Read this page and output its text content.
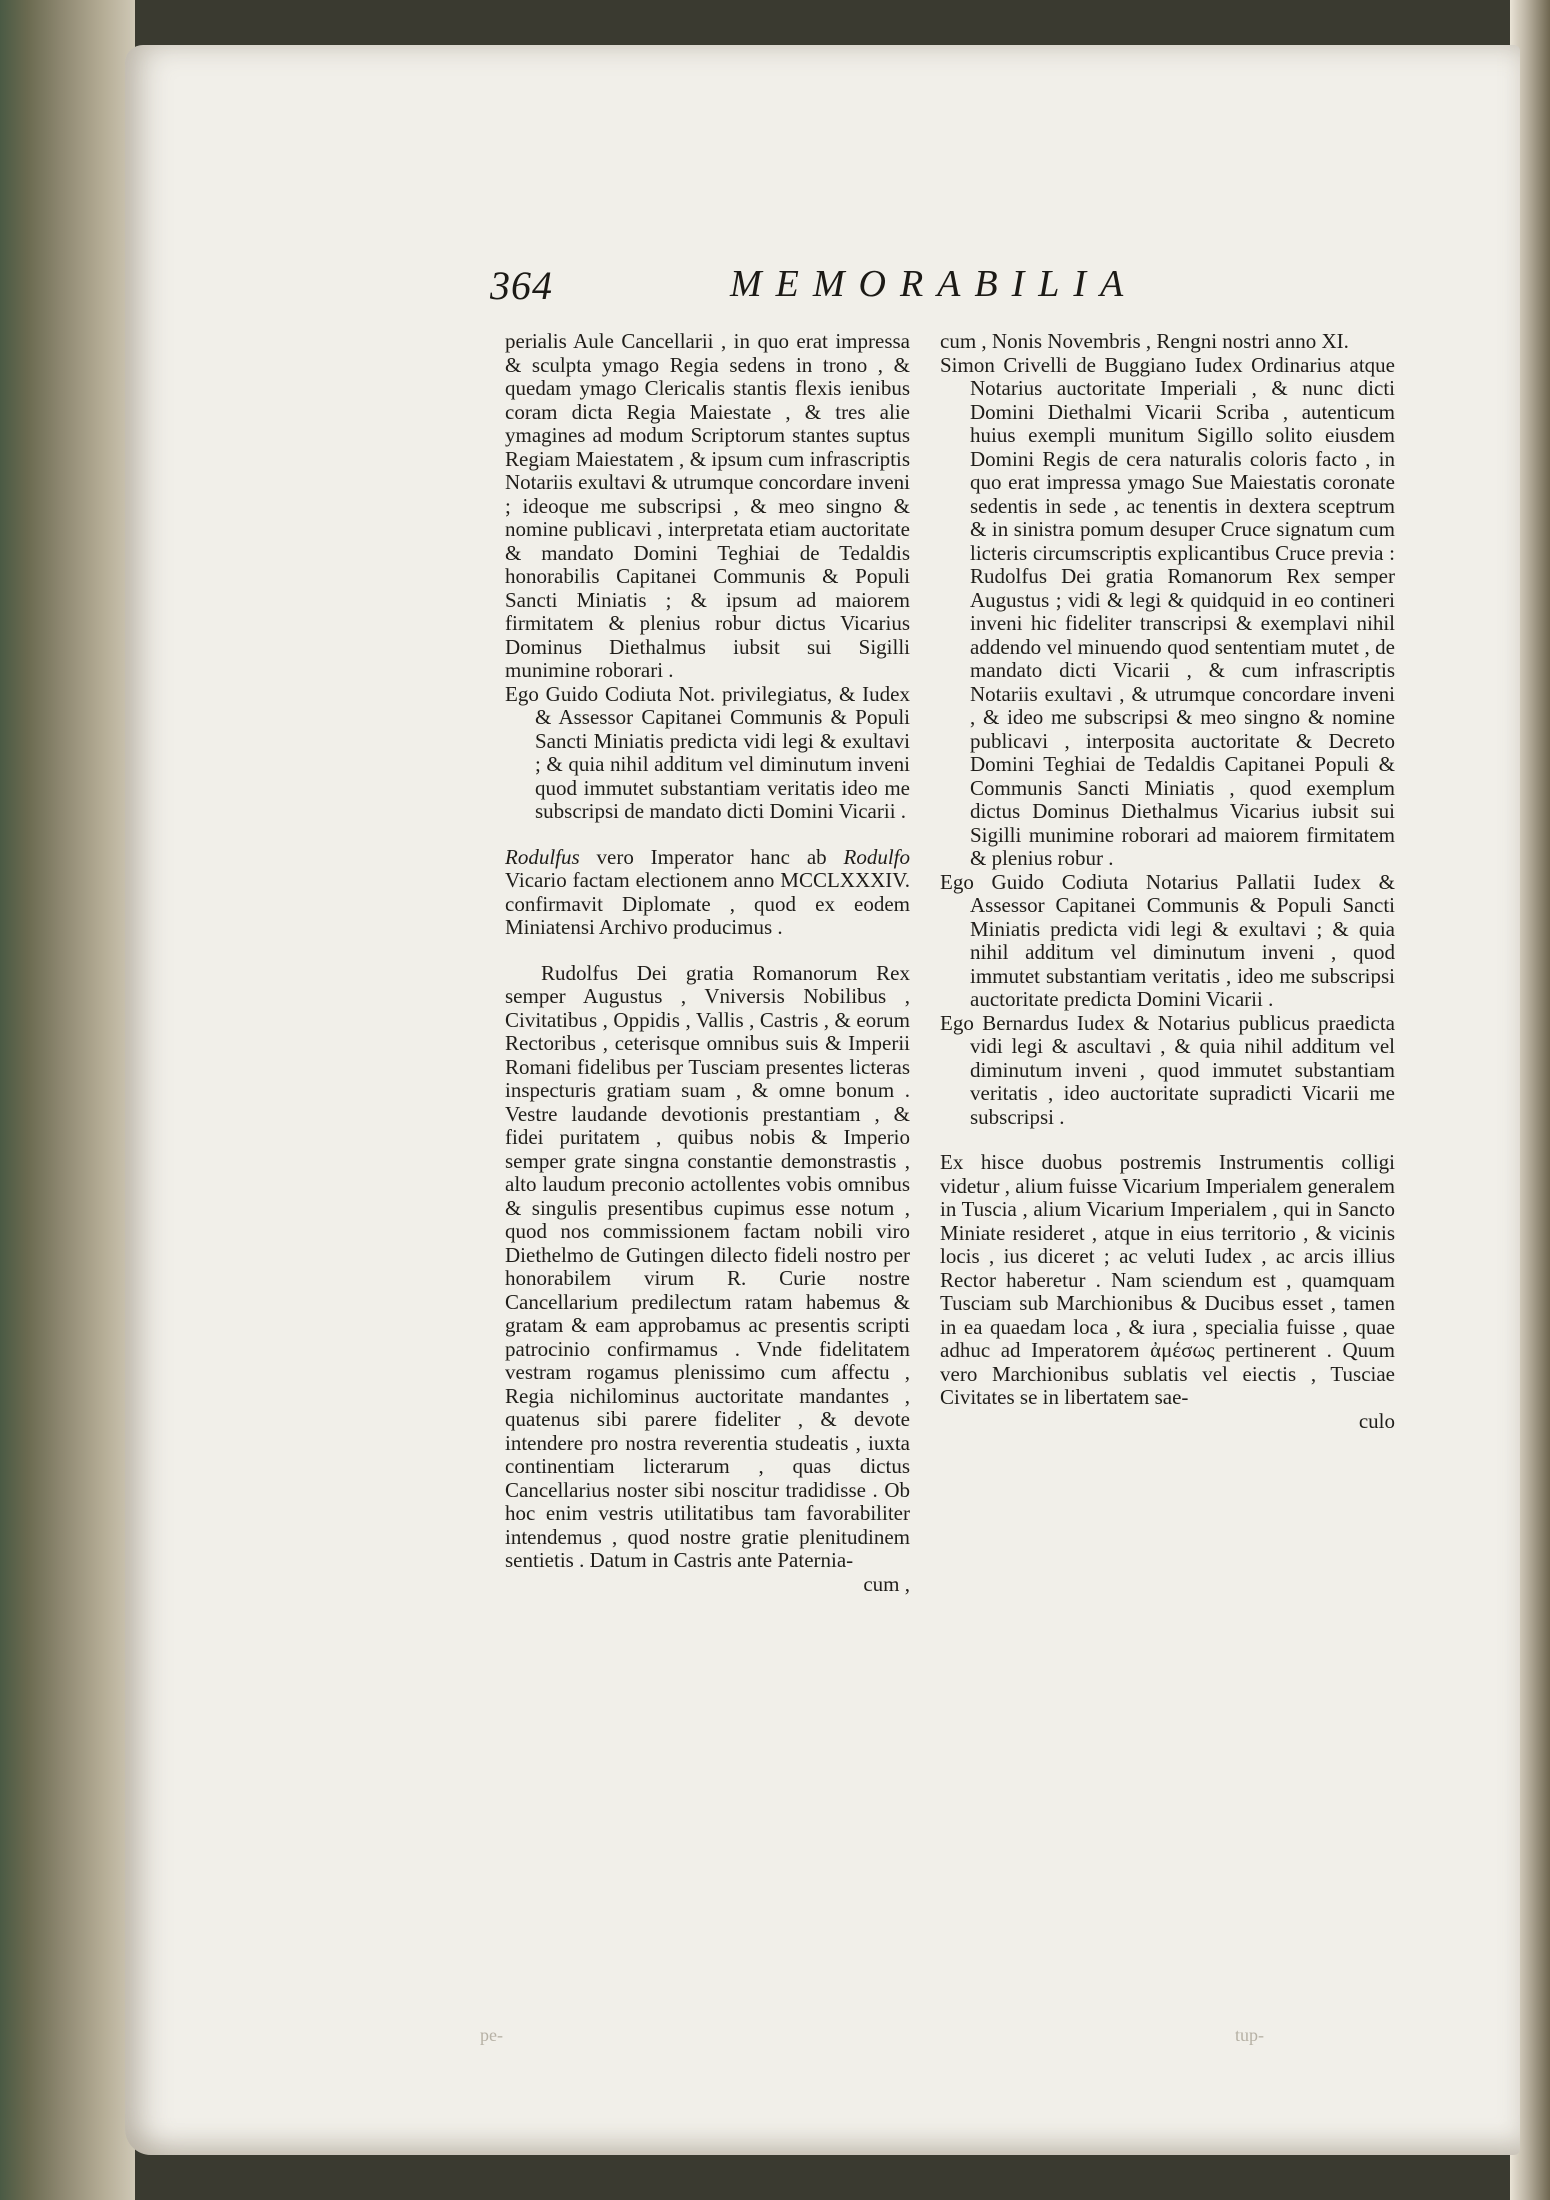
364	MEMORABILIA

perialis Aule Cancellarii , in quo erat impressa & sculpta ymago Regia sedens in trono , & quedam ymago Clericalis stantis flexis ienibus coram dicta Regia Maiestate , & tres alie ymagines ad modum Scriptorum stantes suptus Regiam Maiestatem , & ipsum cum infrascriptis Notariis exultavi & utrumque concordare inveni ; ideoque me subscripsi , & meo singno & nomine publicavi , interpretata etiam auctoritate & mandato Domini Teghiai de Tedaldis honorabilis Capitanei Communis & Populi Sancti Miniatis ; & ipsum ad maiorem firmitatem & plenius robur dictus Vicarius Dominus Diethalmus iubsit sui Sigilli munimine roborari .

Ego Guido Codiuta Not. privilegiatus, & Iudex & Assessor Capitanei Communis & Populi Sancti Miniatis predicta vidi legi & exultavi ; & quia nihil additum vel diminutum inveni quod immutet substantiam veritatis ideo me subscripsi de mandato dicti Domini Vicarii .

Rodulfus vero Imperator hanc ab Rodulfo Vicario factam electionem anno MCCLXXXIV. confirmavit Diplomate , quod ex eodem Miniatensi Archivo producimus .

Rudolfus Dei gratia Romanorum Rex semper Augustus , Vniversis Nobilibus , Civitatibus , Oppidis , Vallis , Castris , & eorum Rectoribus , ceterisque omnibus suis & Imperii Romani fidelibus per Tusciam presentes licteras inspecturis gratiam suam , & omne bonum . Vestre laudande devotionis prestantiam , & fidei puritatem , quibus nobis & Imperio semper grate singna constantie demonstrastis , alto laudum preconio actollentes vobis omnibus & singulis presentibus cupimus esse notum , quod nos commissionem factam nobili viro Diethelmo de Gutingen dilecto fideli nostro per honorabilem virum R. Curie nostre Cancellarium predilectum ratam habemus & gratam & eam approbamus ac presentis scripti patrocinio confirmamus . Vnde fidelitatem vestram rogamus plenissimo cum affectu , Regia nichilominus auctoritate mandantes , quatenus sibi parere fideliter , & devote intendere pro nostra reverentia studeatis , iuxta continentiam licterarum , quas dictus Cancellarius noster sibi noscitur tradidisse . Ob hoc enim vestris utilitatibus tam favorabiliter intendemus , quod nostre gratie plenitudinem sentietis . Datum in Castris ante Paternia-

cum ,

cum , Nonis Novembris , Rengni nostri anno XI.

Simon Crivelli de Buggiano Iudex Ordinarius atque Notarius auctoritate Imperiali , & nunc dicti Domini Diethalmi Vicarii Scriba , autenticum huius exempli munitum Sigillo solito eiusdem Domini Regis de cera naturalis coloris facto , in quo erat impressa ymago Sue Maiestatis coronate sedentis in sede , ac tenentis in dextera sceptrum & in sinistra pomum desuper Cruce signatum cum licteris circumscriptis explicantibus Cruce previa : Rudolfus Dei gratia Romanorum Rex semper Augustus ; vidi & legi & quidquid in eo contineri inveni hic fideliter transcripsi & exemplavi nihil addendo vel minuendo quod sententiam mutet , de mandato dicti Vicarii , & cum infrascriptis Notariis exultavi , & utrumque concordare inveni , & ideo me subscripsi & meo singno & nomine publicavi , interposita auctoritate & Decreto Domini Teghiai de Tedaldis Capitanei Populi & Communis Sancti Miniatis , quod exemplum dictus Dominus Diethalmus Vicarius iubsit sui Sigilli munimine roborari ad maiorem firmitatem & plenius robur .

Ego Guido Codiuta Notarius Pallatii Iudex & Assessor Capitanei Communis & Populi Sancti Miniatis predicta vidi legi & exultavi ; & quia nihil additum vel diminutum inveni , quod immutet substantiam veritatis , ideo me subscripsi auctoritate predicta Domini Vicarii .

Ego Bernardus Iudex & Notarius publicus praedicta vidi legi & ascultavi , & quia nihil additum vel diminutum inveni , quod immutet substantiam veritatis , ideo auctoritate supradicti Vicarii me subscripsi .

Ex hisce duobus postremis Instrumentis colligi videtur , alium fuisse Vicarium Imperialem generalem in Tuscia , alium Vicarium Imperialem , qui in Sancto Miniate resideret , atque in eius territorio , & vicinis locis , ius diceret ; ac veluti Iudex , ac arcis illius Rector haberetur . Nam sciendum est , quamquam Tusciam sub Marchionibus & Ducibus esset , tamen in ea quaedam loca , & iura , specialia fuisse , quae adhuc ad Imperatorem ἀμέσως pertinerent . Quum vero Marchionibus sublatis vel eiectis , Tusciae Civitates se in libertatem sae-

culo

pe-	tup-
